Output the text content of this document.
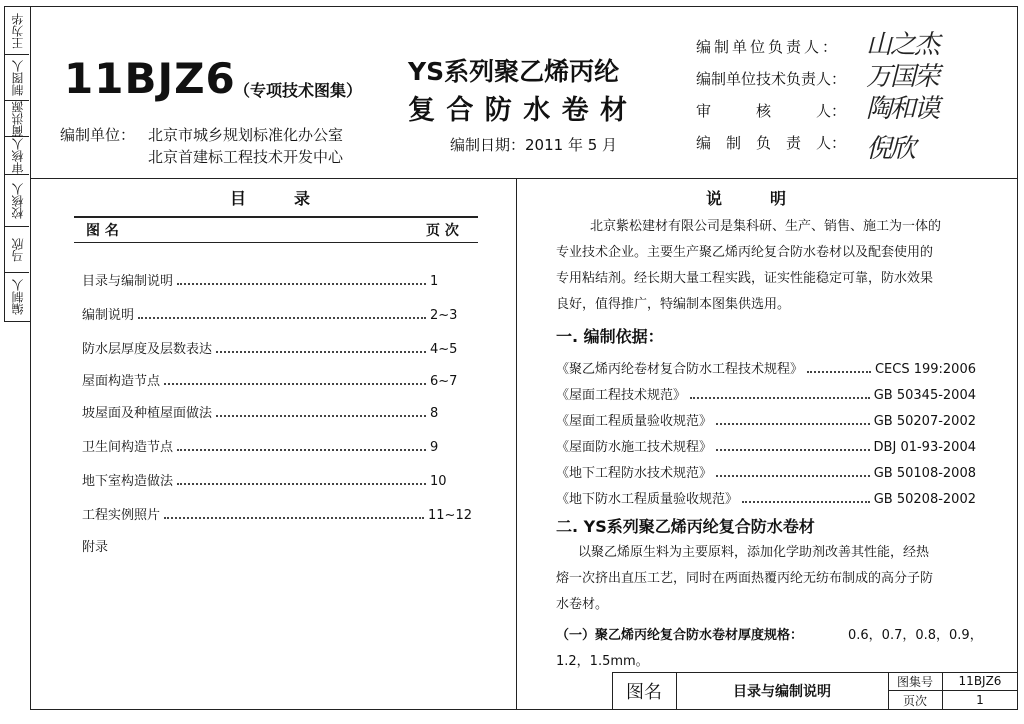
王为华
制图人
蔺洪源
审核人
校核人
马欣
编制人
11BJZ6
（专项技术图集）
编制单位： 北京市城乡规划标准化办公室
北京首建标工程技术开发中心
YS系列聚乙烯丙纶
复 合 防 水 卷 材
编制日期：2011 年 5 月
编制单位负责人： 山之杰
编制单位技术负责人： 万国荣
审　　　核　　　人： 陶和谟
编　制　负　责　人： 倪欣
目　　　录
图 名	页 次
目录与编制说明	1
编制说明	2~3
防水层厚度及层数表达	4~5
屋面构造节点	6~7
坡屋面及种植屋面做法	8
卫生间构造节点	9
地下室构造做法	10
工程实例照片	11~12
附录
说　　　明
北京紫松建材有限公司是集科研、生产、销售、施工为一体的
专业技术企业。主要生产聚乙烯丙纶复合防水卷材以及配套使用的
专用粘结剂。经长期大量工程实践，证实性能稳定可靠，防水效果
良好，值得推广，特编制本图集供选用。
一. 编制依据：
《聚乙烯丙纶卷材复合防水工程技术规程》	CECS 199:2006
《屋面工程技术规范》	GB 50345-2004
《屋面工程质量验收规范》	GB 50207-2002
《屋面防水施工技术规程》	DBJ 01-93-2004
《地下工程防水技术规范》	GB 50108-2008
《地下防水工程质量验收规范》	GB 50208-2002
二. YS系列聚乙烯丙纶复合防水卷材
以聚乙烯原生料为主要原料，添加化学助剂改善其性能，经热
熔一次挤出直压工艺，同时在两面热覆丙纶无纺布制成的高分子防
水卷材。
（一）聚乙烯丙纶复合防水卷材厚度规格：	0.6，0.7，0.8，0.9，
1.2，1.5mm。
图名	目录与编制说明
图集号	11BJZ6
页次	1
